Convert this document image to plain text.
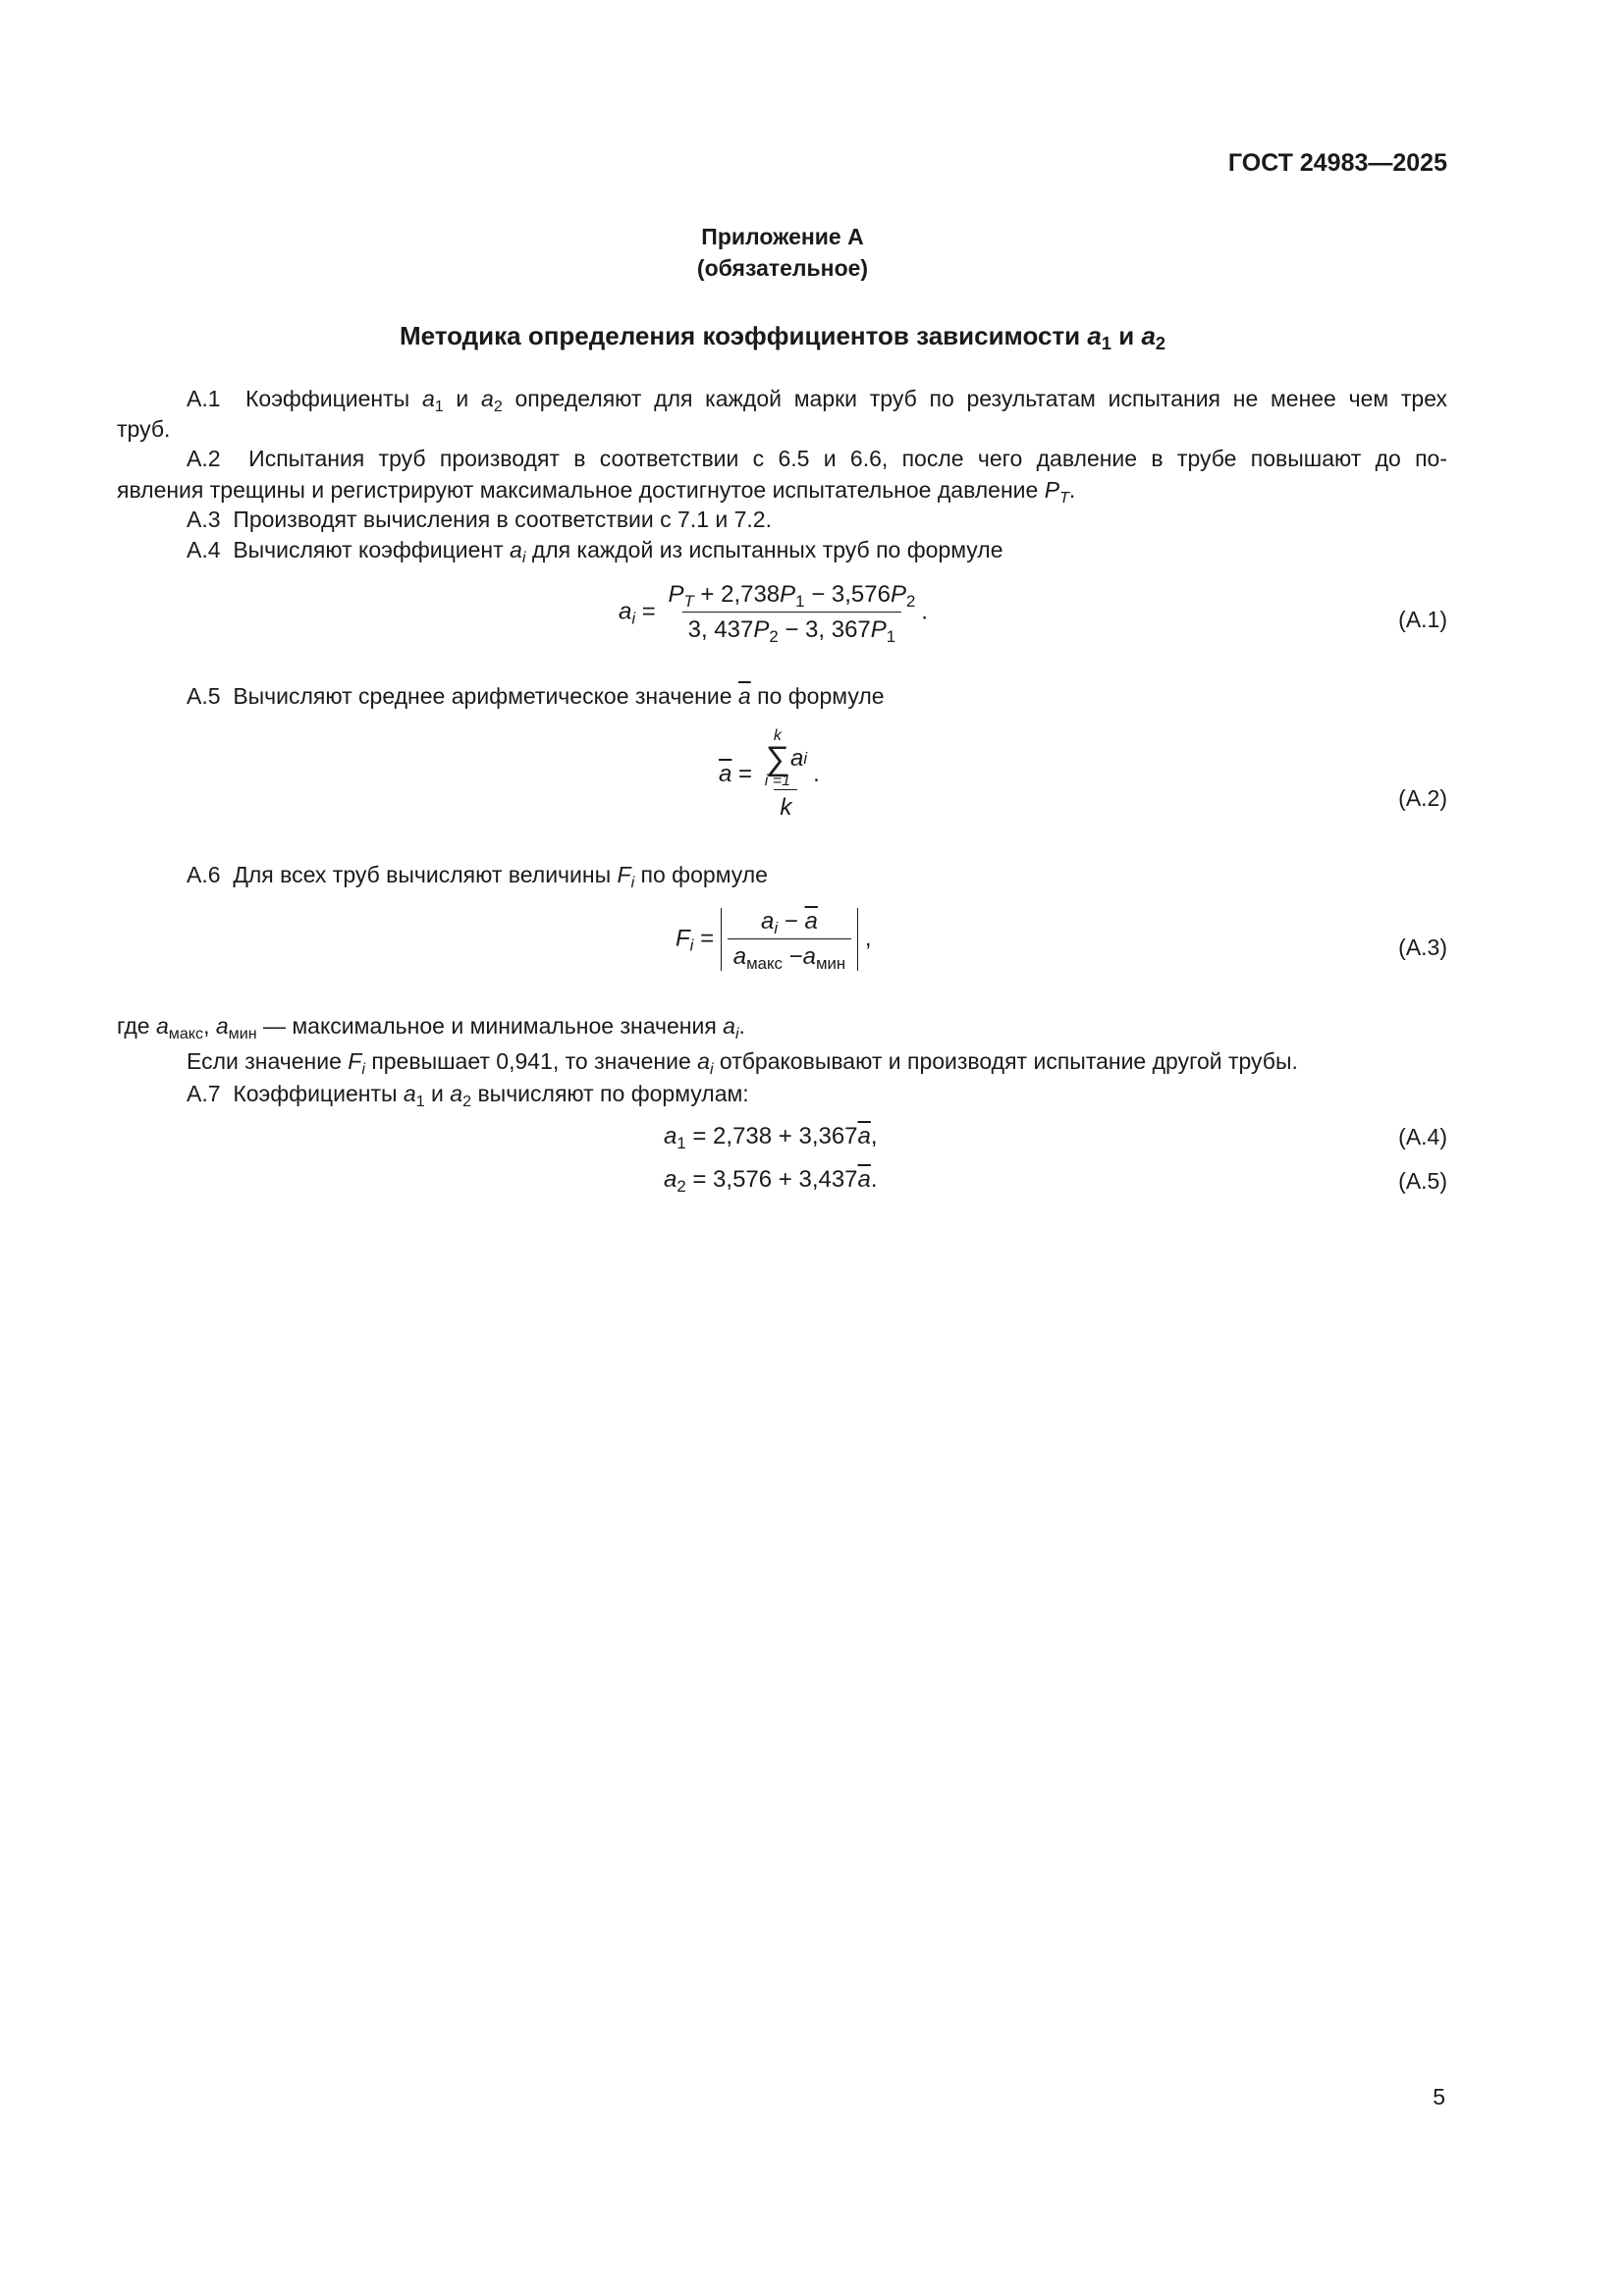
ГОСТ 24983—2025
Приложение А
(обязательное)
Методика определения коэффициентов зависимости $a_1$ и $a_2$
А.1 Коэффициенты $a_1$ и $a_2$ определяют для каждой марки труб по результатам испытания не менее чем трех
труб.
А.2 Испытания труб производят в соответствии с 6.5 и 6.6, после чего давление в трубе повышают до по-
явления трещины и регистрируют максимальное достигнутое испытательное давление $P_T$.
А.3 Производят вычисления в соответствии с 7.1 и 7.2.
А.4 Вычисляют коэффициент $a_i$ для каждой из испытанных труб по формуле
$a_i = \frac{P_T + 2,738P_1 - 3,576P_2}{3, 437P_2 - 3, 367P_1}$ .	(А.1)
А.5 Вычисляют среднее арифметическое значение $\overline{a}$ по формуле
$\overline{a} = k$
∑
i =1
a i
k .
(А.2)
А.6 Для всех труб вычисляют величины $F_i$ по формуле
$F_i = \frac{a_i - \overline{a}}{a_{макс} -a_{мин}}$ ,	(А.3)
где $a_{макс}$, $a_{мин}$ — максимальное и минимальное значения $a_i$.
Если значение $F_i$ превышает 0,941, то значение $a_i$ отбраковывают и производят испытание другой трубы.
А.7 Коэффициенты $a_1$ и $a_2$ вычисляют по формулам:
$a_1 = 2,738 + 3,367\overline{a}$,	(А.4)
$a_2 = 3,576 + 3,437\overline{a}$.	(А.5)
5
